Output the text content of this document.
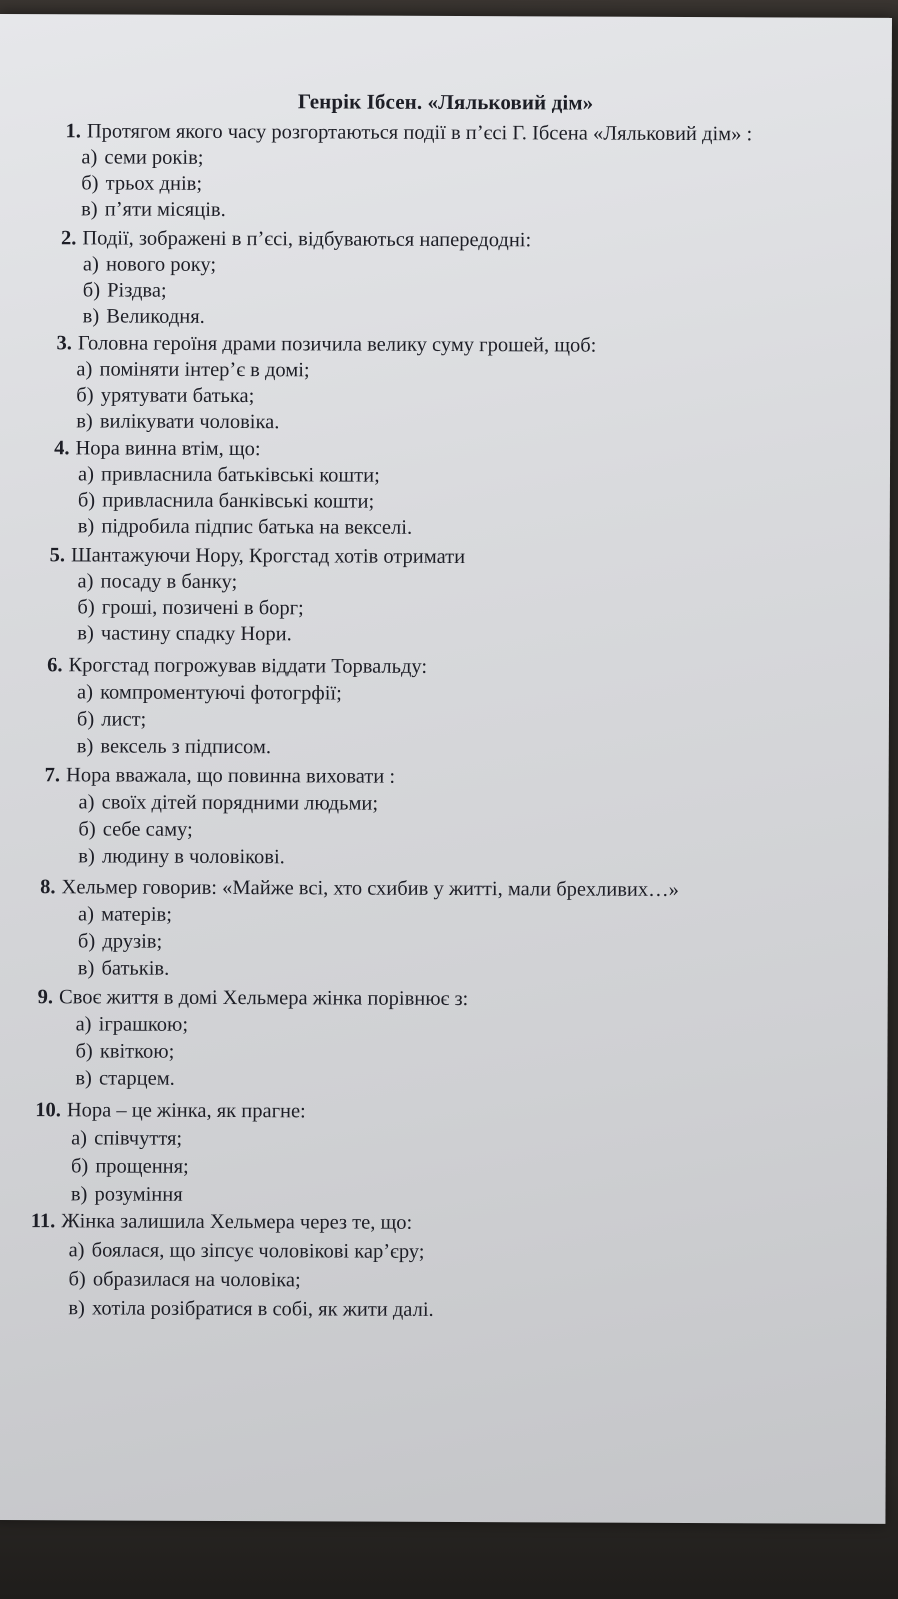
Генрік Ібсен. «Ляльковий дім»
1. Протягом якого часу розгортаються події в п’єсі Г. Ібсена «Ляльковий дім» :
а) семи років;
б) трьох днів;
в) п’яти місяців.
2. Події, зображені в п’єсі, відбуваються напередодні:
а) нового року;
б) Різдва;
в) Великодня.
3. Головна героїня драми позичила велику суму грошей, щоб:
а) поміняти інтер’є в домі;
б) урятувати батька;
в) вилікувати чоловіка.
4. Нора винна втім, що:
а) привласнила батьківські кошти;
б) привласнила банківські кошти;
в) підробила підпис батька на векселі.
5. Шантажуючи Нору, Крогстад хотів отримати
а) посаду в банку;
б) гроші, позичені в борг;
в) частину спадку Нори.
6. Крогстад погрожував віддати Торвальду:
а) компроментуючі фотогрфії;
б) лист;
в) вексель з підписом.
7. Нора вважала, що повинна виховати :
а) своїх дітей порядними людьми;
б) себе саму;
в) людину в чоловікові.
8. Хельмер говорив: «Майже всі, хто схибив у житті, мали брехливих…»
а) матерів;
б) друзів;
в) батьків.
9. Своє життя в домі Хельмера жінка порівнює з:
а) іграшкою;
б) квіткою;
в) старцем.
10. Нора – це жінка, як прагне:
а) співчуття;
б) прощення;
в) розуміння
11. Жінка залишила Хельмера через те, що:
а) боялася, що зіпсує чоловікові кар’єру;
б) образилася на чоловіка;
в) хотіла розібратися в собі, як жити далі.
